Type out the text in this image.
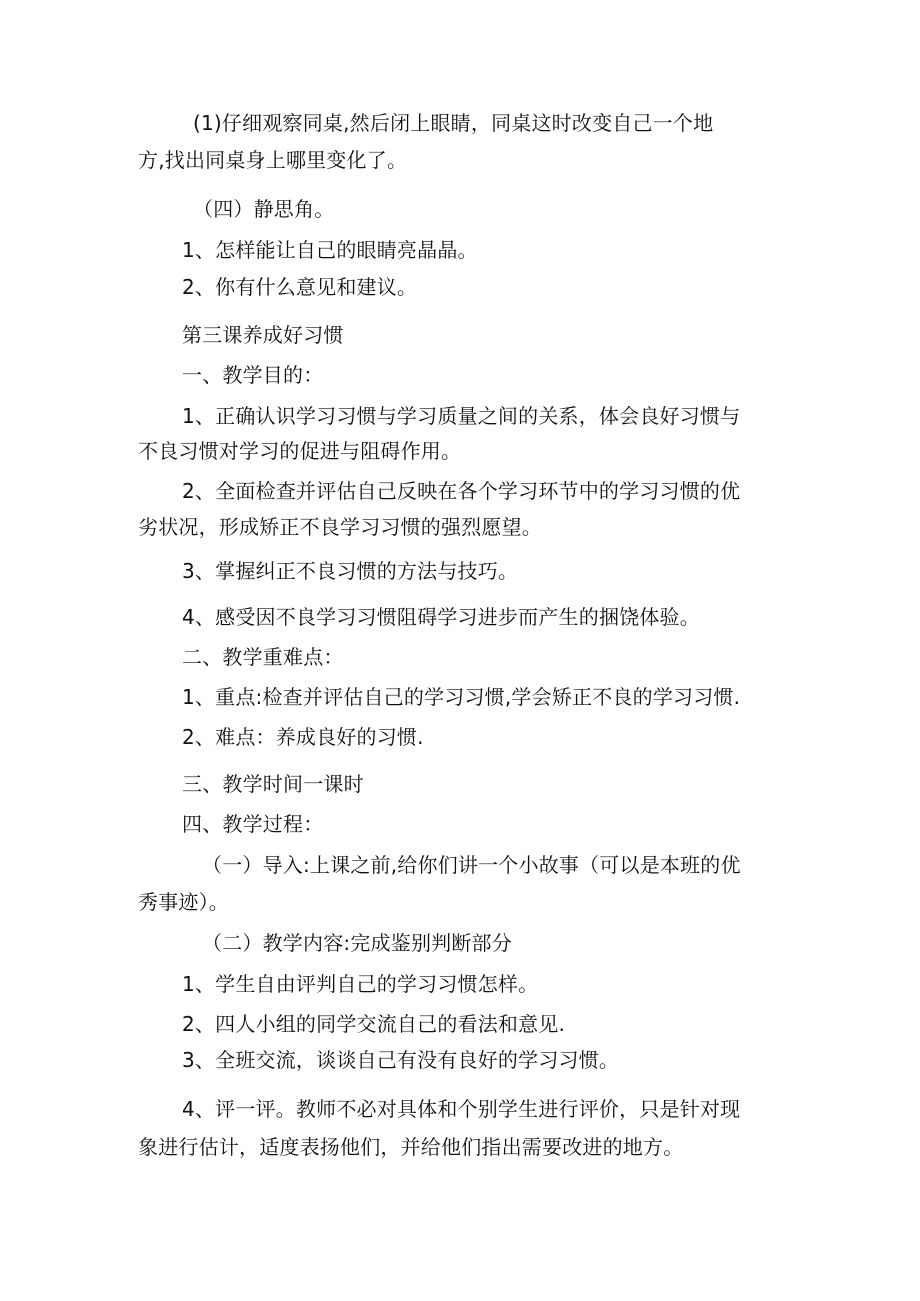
(1)仔细观察同桌,然后闭上眼睛，同桌这时改变自己一个地
方,找出同桌身上哪里变化了。
（四）静思角。
1、怎样能让自己的眼睛亮晶晶。
2、你有什么意见和建议。
第三课养成好习惯
一、教学目的：
1、正确认识学习习惯与学习质量之间的关系，体会良好习惯与
不良习惯对学习的促进与阻碍作用。
2、全面检查并评估自己反映在各个学习环节中的学习习惯的优
劣状况，形成矫正不良学习习惯的强烈愿望。
3、掌握纠正不良习惯的方法与技巧。
4、感受因不良学习习惯阻碍学习进步而产生的捆饶体验。
二、教学重难点：
1、重点:检查并评估自己的学习习惯,学会矫正不良的学习习惯.
2、难点：养成良好的习惯.
三、教学时间一课时
四、教学过程：
（一）导入:上课之前,给你们讲一个小故事（可以是本班的优
秀事迹）。
（二）教学内容:完成鉴别判断部分
1、学生自由评判自己的学习习惯怎样。
2、四人小组的同学交流自己的看法和意见.
3、全班交流，谈谈自己有没有良好的学习习惯。
4、评一评。教师不必对具体和个别学生进行评价，只是针对现
象进行估计，适度表扬他们，并给他们指出需要改进的地方。
